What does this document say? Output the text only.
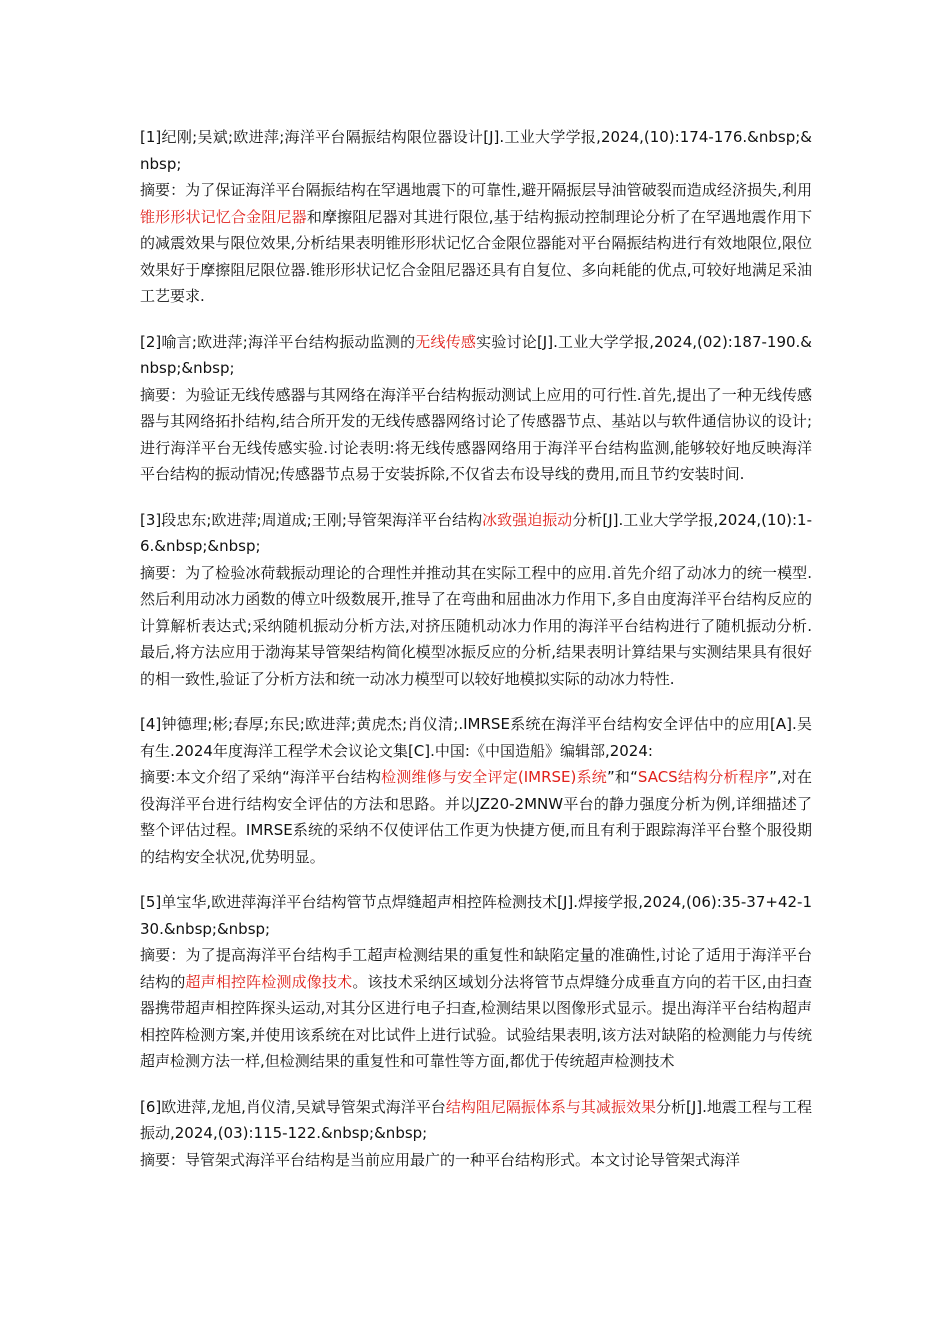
[1]纪刚;吴斌;欧进萍;海洋平台隔振结构限位器设计[J].工业大学学报,2024,(10):174-176.&nbsp;&nbsp;

摘要：为了保证海洋平台隔振结构在罕遇地震下的可靠性,避开隔振层导油管破裂而造成经济损失,利用锥形形状记忆合金阻尼器和摩擦阻尼器对其进行限位,基于结构振动控制理论分析了在罕遇地震作用下的减震效果与限位效果,分析结果表明锥形形状记忆合金限位器能对平台隔振结构进行有效地限位,限位效果好于摩擦阻尼限位器.锥形形状记忆合金阻尼器还具有自复位、多向耗能的优点,可较好地满足采油工艺要求.

[2]喻言;欧进萍;海洋平台结构振动监测的无线传感实验讨论[J].工业大学学报,2024,(02):187-190.&nbsp;&nbsp;

摘要：为验证无线传感器与其网络在海洋平台结构振动测试上应用的可行性.首先,提出了一种无线传感器与其网络拓扑结构,结合所开发的无线传感器网络讨论了传感器节点、基站以与软件通信协议的设计;进行海洋平台无线传感实验.讨论表明:将无线传感器网络用于海洋平台结构监测,能够较好地反映海洋平台结构的振动情况;传感器节点易于安装拆除,不仅省去布设导线的费用,而且节约安装时间.

[3]段忠东;欧进萍;周道成;王刚;导管架海洋平台结构冰致强迫振动分析[J].工业大学学报,2024,(10):1-6.&nbsp;&nbsp;

摘要：为了检验冰荷载振动理论的合理性并推动其在实际工程中的应用.首先介绍了动冰力的统一模型.然后利用动冰力函数的傅立叶级数展开,推导了在弯曲和屈曲冰力作用下,多自由度海洋平台结构反应的计算解析表达式;采纳随机振动分析方法,对挤压随机动冰力作用的海洋平台结构进行了随机振动分析.最后,将方法应用于渤海某导管架结构简化模型冰振反应的分析,结果表明计算结果与实测结果具有很好的相一致性,验证了分析方法和统一动冰力模型可以较好地模拟实际的动冰力特性.

[4]钟德理;彬;春厚;东民;欧进萍;黄虎杰;肖仪清;.IMRSE系统在海洋平台结构安全评估中的应用[A].吴有生.2024年度海洋工程学术会议论文集[C].中国:《中国造船》编辑部,2024:

摘要:本文介绍了采纳“海洋平台结构检测维修与安全评定(IMRSE)系统”和“SACS结构分析程序”,对在役海洋平台进行结构安全评估的方法和思路。并以JZ20-2MNW平台的静力强度分析为例,详细描述了整个评估过程。IMRSE系统的采纳不仅使评估工作更为快捷方便,而且有利于跟踪海洋平台整个服役期的结构安全状况,优势明显。

[5]单宝华,欧进萍海洋平台结构管节点焊缝超声相控阵检测技术[J].焊接学报,2024,(06):35-37+42-130.&nbsp;&nbsp;

摘要：为了提高海洋平台结构手工超声检测结果的重复性和缺陷定量的准确性,讨论了适用于海洋平台结构的超声相控阵检测成像技术。该技术采纳区域划分法将管节点焊缝分成垂直方向的若干区,由扫查器携带超声相控阵探头运动,对其分区进行电子扫查,检测结果以图像形式显示。提出海洋平台结构超声相控阵检测方案,并使用该系统在对比试件上进行试验。试验结果表明,该方法对缺陷的检测能力与传统超声检测方法一样,但检测结果的重复性和可靠性等方面,都优于传统超声检测技术

[6]欧进萍,龙旭,肖仪清,吴斌导管架式海洋平台结构阻尼隔振体系与其减振效果分析[J].地震工程与工程振动,2024,(03):115-122.&nbsp;&nbsp;

摘要：导管架式海洋平台结构是当前应用最广的一种平台结构形式。本文讨论导管架式海洋
